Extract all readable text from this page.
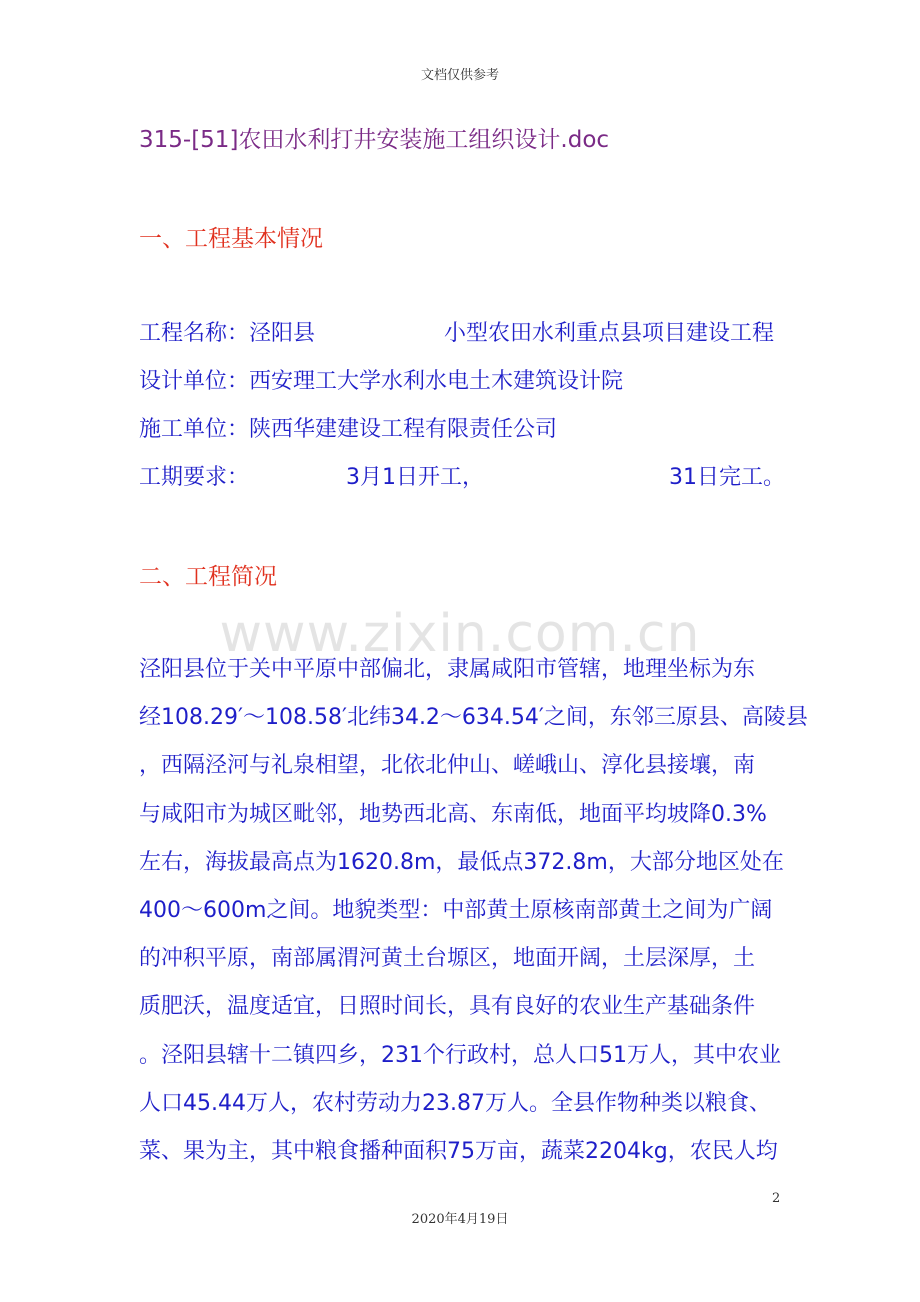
文档仅供参考
315-[51]农田水利打井安装施工组织设计.doc
一、工程基本情况
工程名称：泾阳县	小型农田水利重点县项目建设工程
设计单位：西安理工大学水利水电土木建筑设计院
施工单位：陕西华建建设工程有限责任公司
工期要求：	3月1日开工，	31日完工。
二、工程简况
www.zixin.com.cn
泾阳县位于关中平原中部偏北，隶属咸阳市管辖，地理坐标为东
经108.29′～108.58′北纬34.2～634.54′之间，东邻三原县、高陵县
，西隔泾河与礼泉相望，北依北仲山、嵯峨山、淳化县接壤，南
与咸阳市为城区毗邻，地势西北高、东南低，地面平均坡降0.3%
左右，海拔最高点为1620.8m，最低点372.8m，大部分地区处在
400～600m之间。地貌类型：中部黄土原核南部黄土之间为广阔
的冲积平原，南部属渭河黄土台塬区，地面开阔，土层深厚，土
质肥沃，温度适宜，日照时间长，具有良好的农业生产基础条件
。泾阳县辖十二镇四乡，231个行政村，总人口51万人，其中农业
人口45.44万人，农村劳动力23.87万人。全县作物种类以粮食、
菜、果为主，其中粮食播种面积75万亩，蔬菜2204kg，农民人均
2
2020年4月19日
